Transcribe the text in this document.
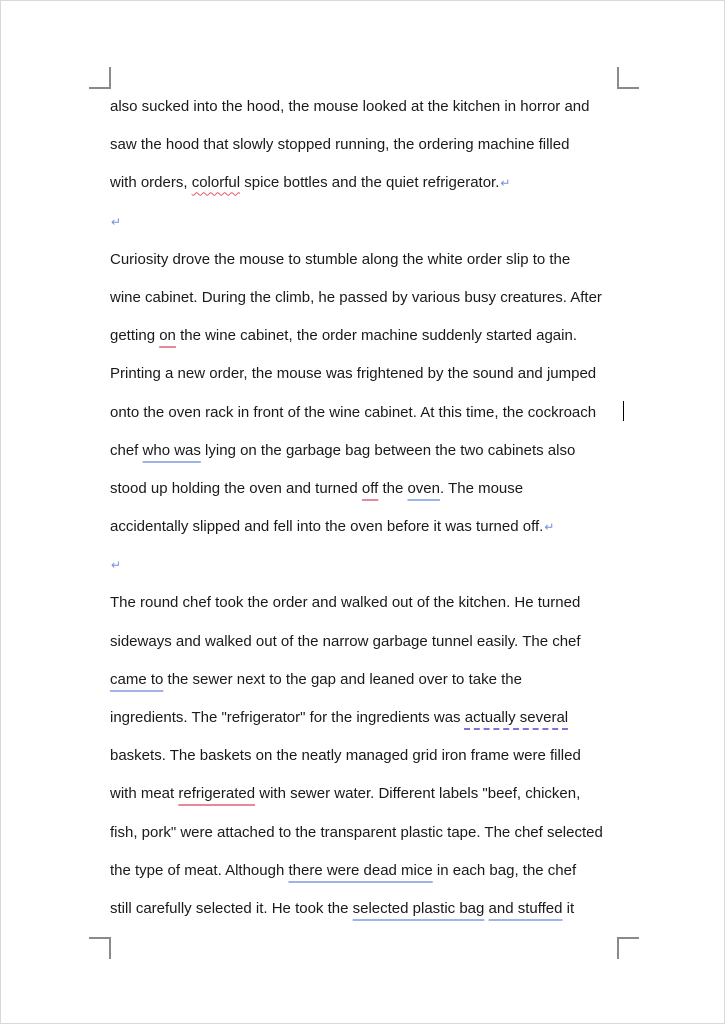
also sucked into the hood, the mouse looked at the kitchen in horror and
saw the hood that slowly stopped running, the ordering machine filled
with orders, colorful spice bottles and the quiet refrigerator.↵
↵
Curiosity drove the mouse to stumble along the white order slip to the
wine cabinet. During the climb, he passed by various busy creatures. After
getting on the wine cabinet, the order machine suddenly started again.
Printing a new order, the mouse was frightened by the sound and jumped
onto the oven rack in front of the wine cabinet. At this time, the cockroach
chef who was lying on the garbage bag between the two cabinets also
stood up holding the oven and turned off the oven. The mouse
accidentally slipped and fell into the oven before it was turned off.↵
↵
The round chef took the order and walked out of the kitchen. He turned
sideways and walked out of the narrow garbage tunnel easily. The chef
came to the sewer next to the gap and leaned over to take the
ingredients. The "refrigerator" for the ingredients was actually several
baskets. The baskets on the neatly managed grid iron frame were filled
with meat refrigerated with sewer water. Different labels "beef, chicken,
fish, pork" were attached to the transparent plastic tape. The chef selected
the type of meat. Although there were dead mice in each bag, the chef
still carefully selected it. He took the selected plastic bag and stuffed it
